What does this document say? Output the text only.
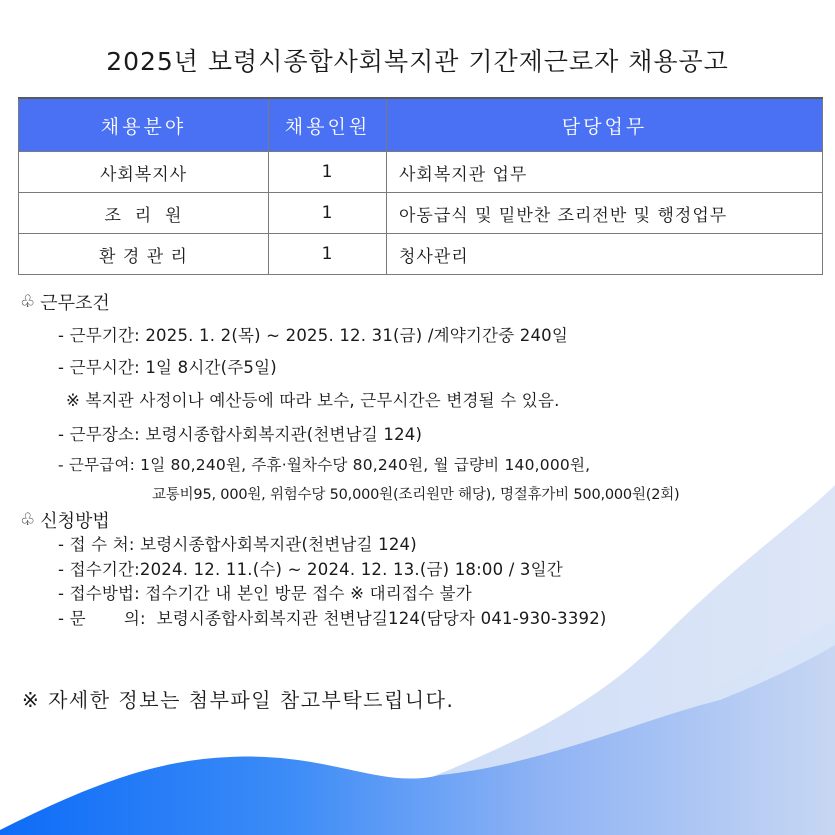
2025년 보령시종합사회복지관 기간제근로자 채용공고
채용분야	채용인원	담당업무
사회복지사	1	사회복지관 업무
조  리  원	1	아동급식 및 밑반찬 조리전반 및 행정업무
환 경 관 리	1	청사관리
♧ 근무조건
- 근무기간: 2025. 1. 2(목) ~ 2025. 12. 31(금) /계약기간중 240일
- 근무시간: 1일 8시간(주5일)
※ 복지관 사정이나 예산등에 따라 보수, 근무시간은 변경될 수 있음.
- 근무장소: 보령시종합사회복지관(천변남길 124)
- 근무급여: 1일 80,240원, 주휴·월차수당 80,240원, 월 급량비 140,000원,
교통비95, 000원, 위험수당 50,000원(조리원만 해당), 명절휴가비 500,000원(2회)
♧ 신청방법
- 접 수 처: 보령시종합사회복지관(천변남길 124)
- 접수기간:2024. 12. 11.(수) ~ 2024. 12. 13.(금) 18:00 / 3일간
- 접수방법: 접수기간 내 본인 방문 접수 ※ 대리접수 불가
- 문       의:  보령시종합사회복지관 천변남길124(담당자 041-930-3392)
※ 자세한 정보는 첨부파일 참고부탁드립니다.
